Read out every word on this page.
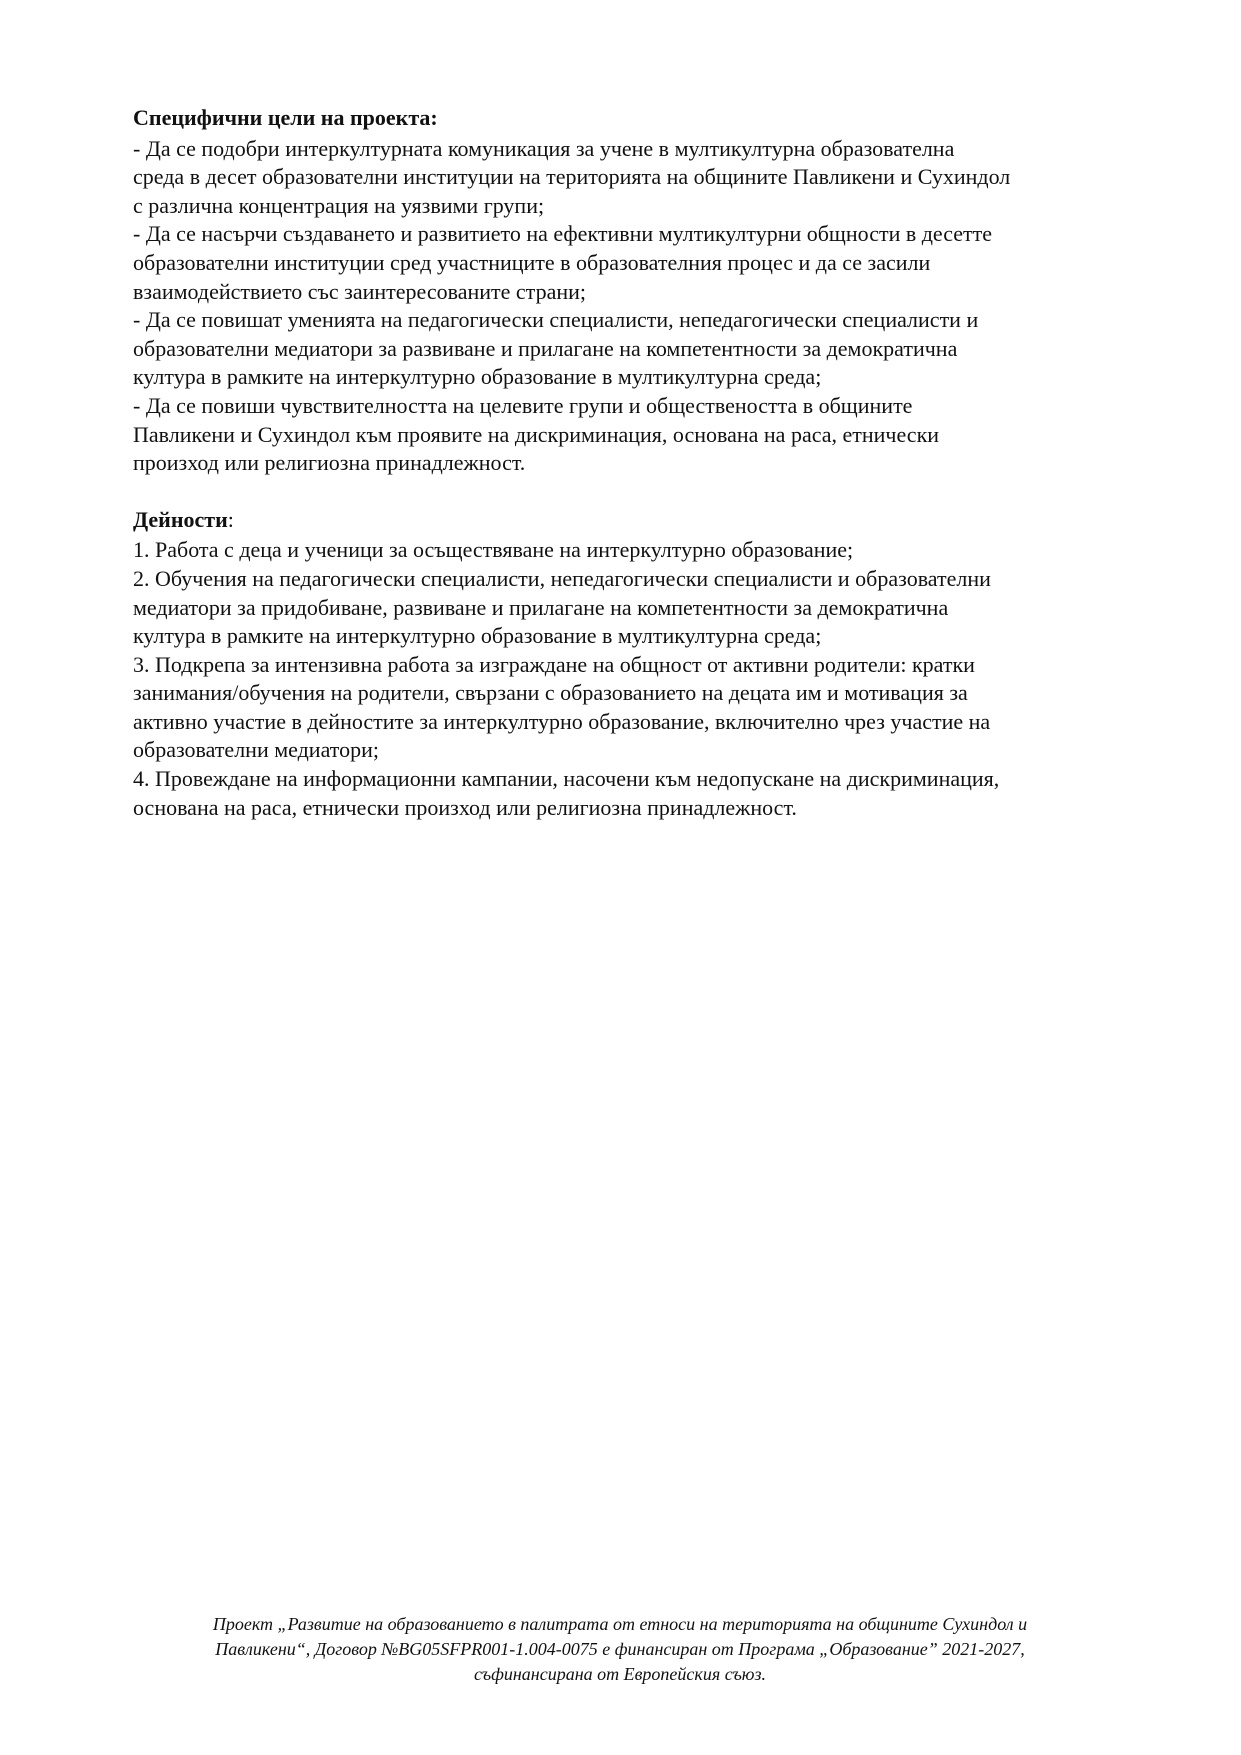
Специфични цели на проекта:

- Да се подобри интеркултурната комуникация за учене в мултикултурна образователна

среда в десет образователни институции на територията на общините Павликени и Сухиндол

с различна концентрация на уязвими групи;

- Да се насърчи създаването и развитието на ефективни мултикултурни общности в десетте

образователни институции сред участниците в образователния процес и да се засили

взаимодействието със заинтересованите страни;

- Да се повишат уменията на педагогически специалисти, непедагогически специалисти и

образователни медиатори за развиване и прилагане на компетентности за демократична

култура в рамките на интеркултурно образование в мултикултурна среда;

- Да се повиши чувствителността на целевите групи и обществеността в общините

Павликени и Сухиндол към проявите на дискриминация, основана на раса, етнически

произход или религиозна принадлежност.

Дейности:

1. Работа с деца и ученици за осъществяване на интеркултурно образование;

2. Обучения на педагогически специалисти, непедагогически специалисти и образователни

медиатори за придобиване, развиване и прилагане на компетентности за демократична

култура в рамките на интеркултурно образование в мултикултурна среда;

3. Подкрепа за интензивна работа за изграждане на общност от активни родители: кратки

занимания/обучения на родители, свързани с образованието на децата им и мотивация за

активно участие в дейностите за интеркултурно образование, включително чрез участие на

образователни медиатори;

4. Провеждане на информационни кампании, насочени към недопускане на дискриминация,

основана на раса, етнически произход или религиозна принадлежност.

Проект „Развитие на образованието в палитрата от етноси на територията на общините Сухиндол и

Павликени“, Договор №BG05SFPR001-1.004-0075 е финансиран от Програма „Образование” 2021-2027,

съфинансирана от Европейския съюз.
